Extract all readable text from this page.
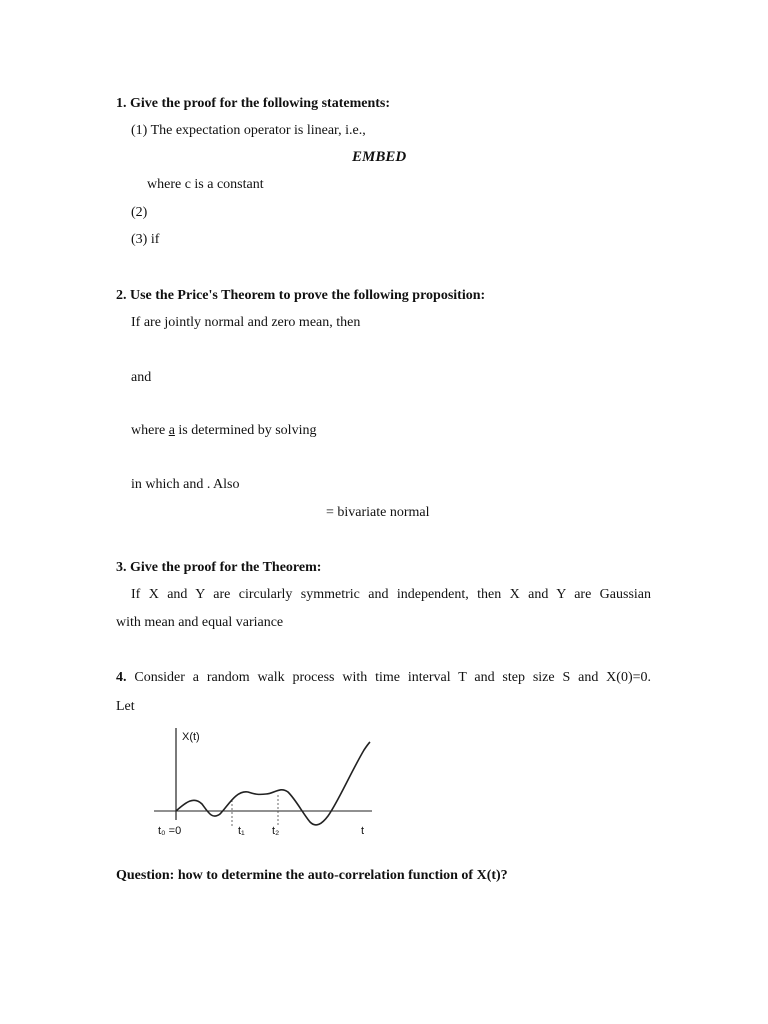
1. Give the proof for the following statements:
(1) The expectation operator is linear, i.e.,
EMBED
where c is a constant
(2)
(3) if
2. Use the Price's Theorem to prove the following proposition:
If are jointly normal and zero mean, then
and
where a is determined by solving
in which and . Also
= bivariate normal
3. Give the proof for the Theorem:
If X and Y are circularly symmetric and independent, then X and Y are Gaussian
with mean and equal variance
4. Consider a random walk process with time interval T and step size S and X(0)=0.
Let
X(t)
t₀ =0	t₁ t₂	t
Question: how to determine the auto-correlation function of X(t)?
